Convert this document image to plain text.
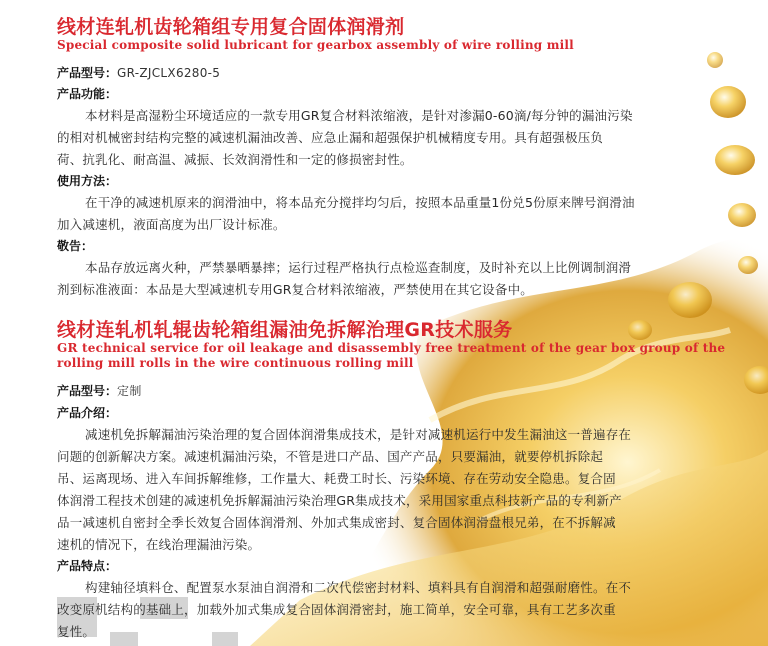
线材连轧机齿轮箱组专用复合固体润滑剂
Special composite solid lubricant for gearbox assembly of wire rolling mill
产品型号：GR-ZJCLX6280-5
产品功能：
本材料是高湿粉尘环境适应的一款专用GR复合材料浓缩液，是针对渗漏0-60滴/每分钟的漏油污染
的相对机械密封结构完整的减速机漏油改善、应急止漏和超强保护机械精度专用。具有超强极压负
荷、抗乳化、耐高温、减振、长效润滑性和一定的修损密封性。
使用方法：
在干净的减速机原来的润滑油中，将本品充分搅拌均匀后，按照本品重量1份兑5份原来牌号润滑油
加入减速机，液面高度为出厂设计标准。
敬告：
本品存放远离火种，严禁暴晒暴摔；运行过程严格执行点检巡查制度，及时补充以上比例调制润滑
剂到标准液面：本品是大型减速机专用GR复合材料浓缩液，严禁使用在其它设备中。
线材连轧机轧辊齿轮箱组漏油免拆解治理GR技术服务
GR technical service for oil leakage and disassembly free treatment of the gear box group of the
rolling mill rolls in the wire continuous rolling mill
产品型号：定制
产品介绍：
减速机免拆解漏油污染治理的复合固体润滑集成技术，是针对减速机运行中发生漏油这一普遍存在
问题的创新解决方案。减速机漏油污染，不管是进口产品、国产产品，只要漏油，就要停机拆除起
吊、运离现场、进入车间拆解维修，工作量大、耗费工时长、污染环境、存在劳动安全隐患。复合固
体润滑工程技术创建的减速机免拆解漏油污染治理GR集成技术，采用国家重点科技新产品的专利新产
品一减速机自密封全季长效复合固体润滑剂、外加式集成密封、复合固体润滑盘根兄弟，在不拆解减
速机的情况下，在线治理漏油污染。
产品特点：
构建轴径填料仓、配置泵水泵油自润滑和二次代偿密封材料、填料具有自润滑和超强耐磨性。在不
改变原机结构的基础上，加载外加式集成复合固体润滑密封，施工简单，安全可靠，具有工艺多次重
复性。
